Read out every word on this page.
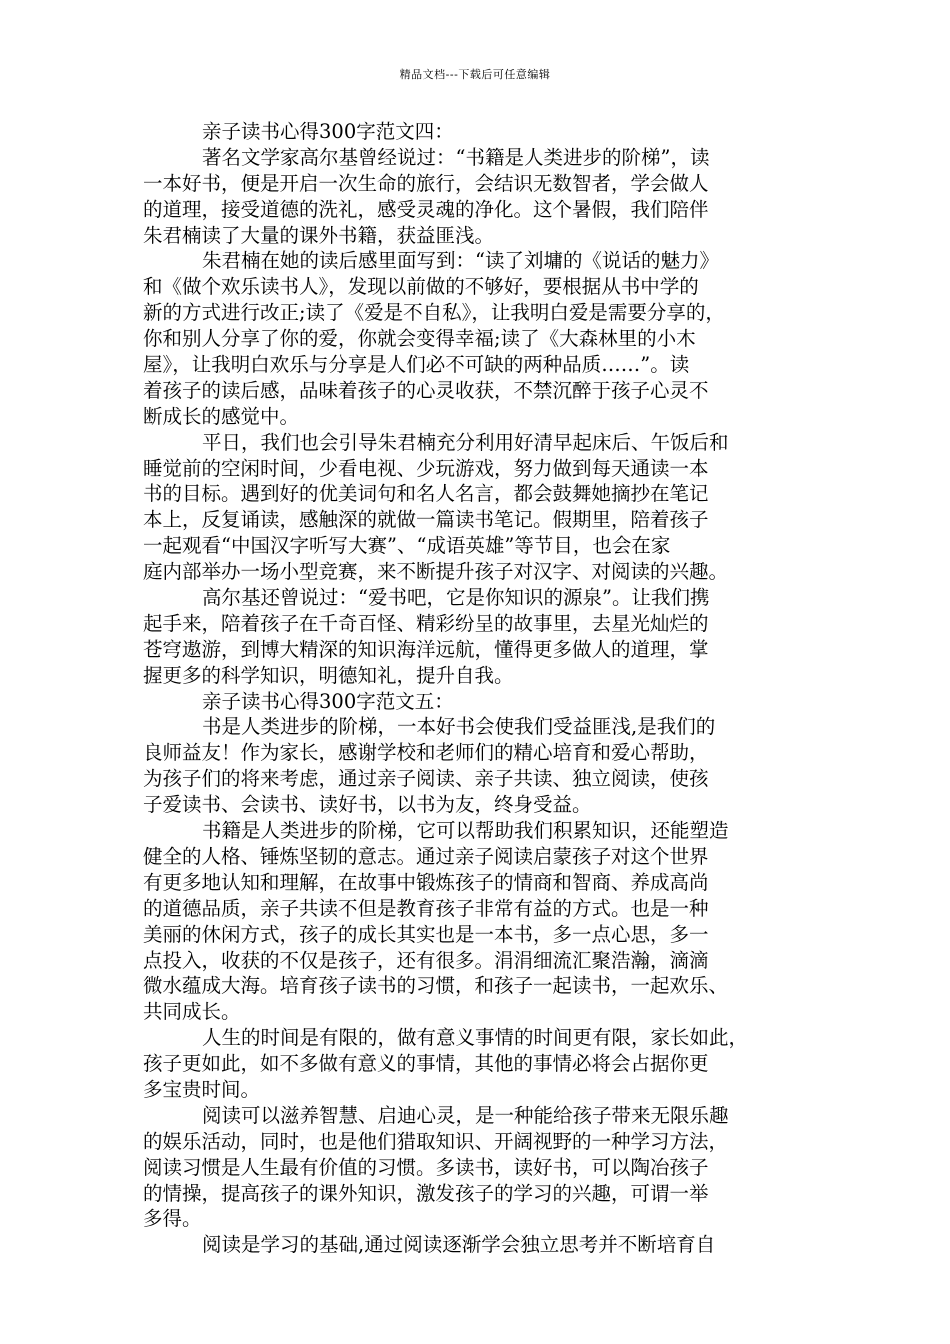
精品文档---下载后可任意编辑
亲子读书心得300字范文四：
著名文学家高尔基曾经说过：“书籍是人类进步的阶梯”，读
一本好书，便是开启一次生命的旅行，会结识无数智者，学会做人
的道理，接受道德的洗礼，感受灵魂的净化。这个暑假，我们陪伴
朱君楠读了大量的课外书籍，获益匪浅。
朱君楠在她的读后感里面写到：“读了刘墉的《说话的魅力》
和《做个欢乐读书人》，发现以前做的不够好，要根据从书中学的
新的方式进行改正;读了《爱是不自私》，让我明白爱是需要分享的，
你和别人分享了你的爱，你就会变得幸福;读了《大森林里的小木
屋》，让我明白欢乐与分享是人们必不可缺的两种品质……”。读
着孩子的读后感，品味着孩子的心灵收获，不禁沉醉于孩子心灵不
断成长的感觉中。
平日，我们也会引导朱君楠充分利用好清早起床后、午饭后和
睡觉前的空闲时间，少看电视、少玩游戏，努力做到每天通读一本
书的目标。遇到好的优美词句和名人名言，都会鼓舞她摘抄在笔记
本上，反复诵读，感触深的就做一篇读书笔记。假期里，陪着孩子
一起观看“中国汉字听写大赛”、“成语英雄”等节目，也会在家
庭内部举办一场小型竞赛，来不断提升孩子对汉字、对阅读的兴趣。
高尔基还曾说过：“爱书吧，它是你知识的源泉”。让我们携
起手来，陪着孩子在千奇百怪、精彩纷呈的故事里，去星光灿烂的
苍穹遨游，到博大精深的知识海洋远航，懂得更多做人的道理，掌
握更多的科学知识，明德知礼，提升自我。
亲子读书心得300字范文五：
书是人类进步的阶梯，一本好书会使我们受益匪浅,是我们的
良师益友！作为家长，感谢学校和老师们的精心培育和爱心帮助，
为孩子们的将来考虑，通过亲子阅读、亲子共读、独立阅读，使孩
子爱读书、会读书、读好书，以书为友，终身受益。
书籍是人类进步的阶梯，它可以帮助我们积累知识，还能塑造
健全的人格、锤炼坚韧的意志。通过亲子阅读启蒙孩子对这个世界
有更多地认知和理解，在故事中锻炼孩子的情商和智商、养成高尚
的道德品质，亲子共读不但是教育孩子非常有益的方式。也是一种
美丽的休闲方式，孩子的成长其实也是一本书，多一点心思，多一
点投入，收获的不仅是孩子，还有很多。涓涓细流汇聚浩瀚，滴滴
微水蕴成大海。培育孩子读书的习惯，和孩子一起读书，一起欢乐、
共同成长。
人生的时间是有限的，做有意义事情的时间更有限，家长如此，
孩子更如此，如不多做有意义的事情，其他的事情必将会占据你更
多宝贵时间。
阅读可以滋养智慧、启迪心灵，是一种能给孩子带来无限乐趣
的娱乐活动，同时，也是他们猎取知识、开阔视野的一种学习方法，
阅读习惯是人生最有价值的习惯。多读书，读好书，可以陶冶孩子
的情操，提高孩子的课外知识，激发孩子的学习的兴趣，可谓一举
多得。
阅读是学习的基础,通过阅读逐渐学会独立思考并不断培育自
